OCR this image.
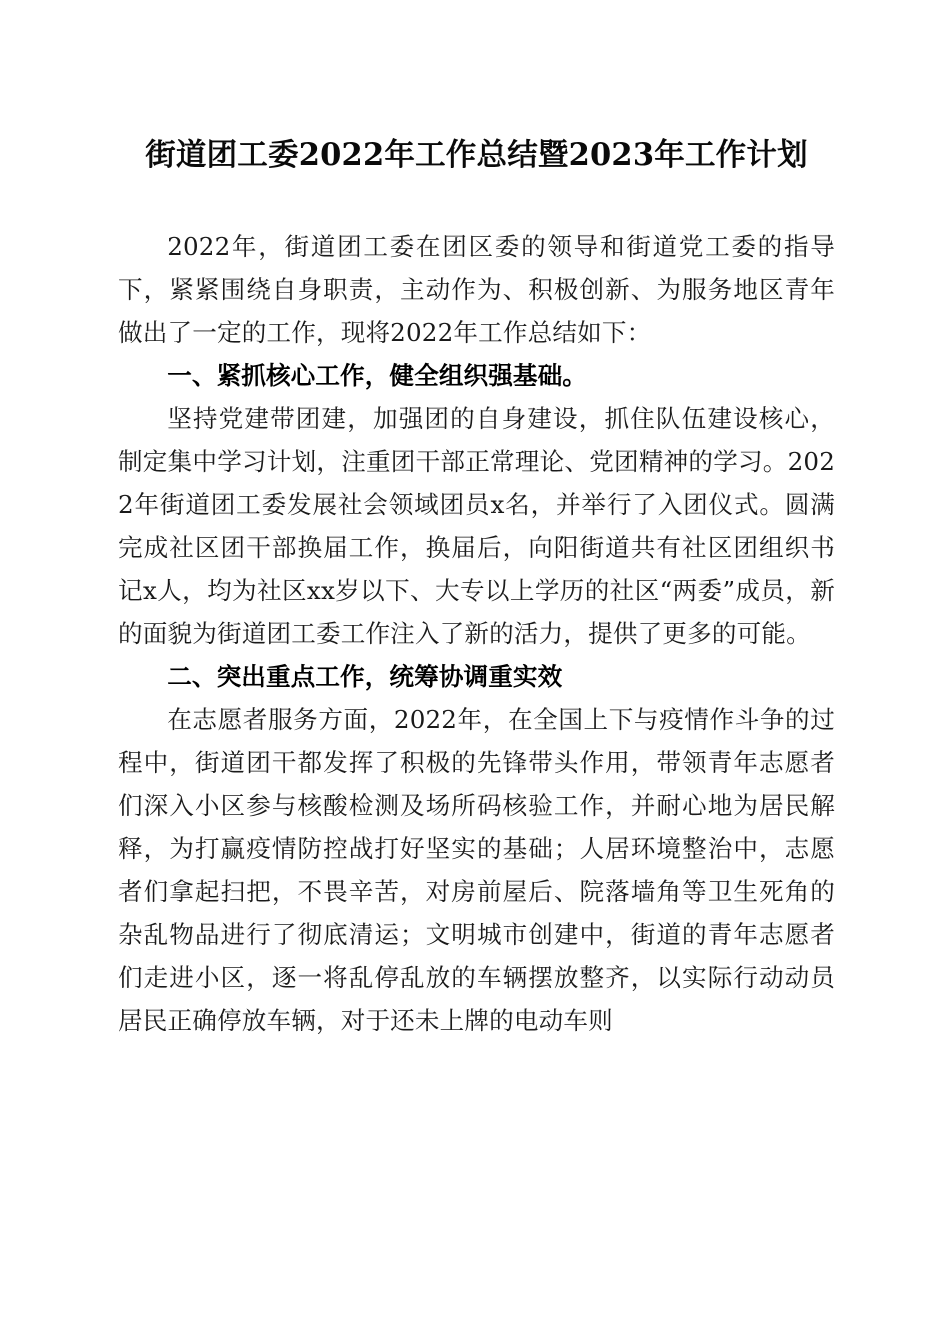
街道团工委2022年工作总结暨2023年工作计划

2022年，街道团工委在团区委的领导和街道党工委的指导下，紧紧围绕自身职责，主动作为、积极创新、为服务地区青年做出了一定的工作，现将2022年工作总结如下：

一、紧抓核心工作，健全组织强基础。

坚持党建带团建，加强团的自身建设，抓住队伍建设核心，制定集中学习计划，注重团干部正常理论、党团精神的学习。2022年街道团工委发展社会领域团员x名，并举行了入团仪式。圆满完成社区团干部换届工作，换届后，向阳街道共有社区团组织书记x人，均为社区xx岁以下、大专以上学历的社区“两委”成员，新的面貌为街道团工委工作注入了新的活力，提供了更多的可能。

二、突出重点工作，统筹协调重实效

在志愿者服务方面，2022年，在全国上下与疫情作斗争的过程中，街道团干都发挥了积极的先锋带头作用，带领青年志愿者们深入小区参与核酸检测及场所码核验工作，并耐心地为居民解释，为打赢疫情防控战打好坚实的基础；人居环境整治中，志愿者们拿起扫把，不畏辛苦，对房前屋后、院落墙角等卫生死角的杂乱物品进行了彻底清运；文明城市创建中，街道的青年志愿者们走进小区，逐一将乱停乱放的车辆摆放整齐，以实际行动动员居民正确停放车辆，对于还未上牌的电动车则
